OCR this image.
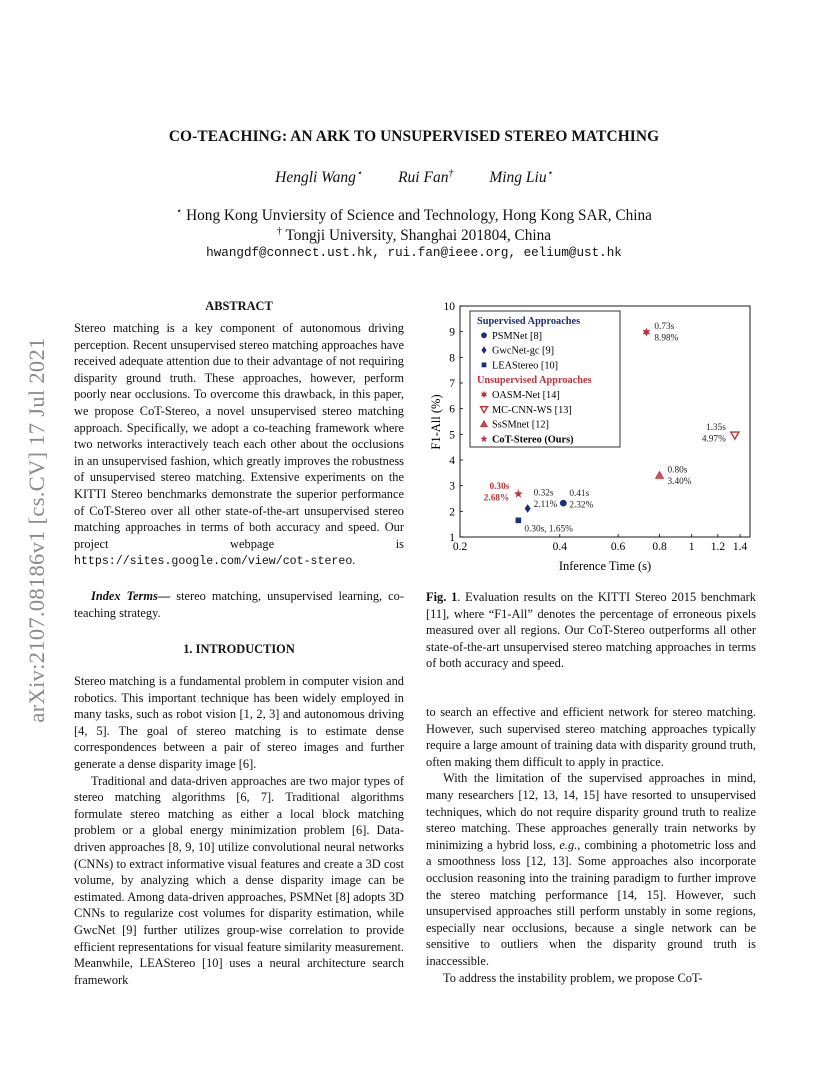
arXiv:2107.08186v1 [cs.CV] 17 Jul 2021
CO-TEACHING: AN ARK TO UNSUPERVISED STEREO MATCHING
Hengli Wang⋆ Rui Fan† Ming Liu⋆
⋆ Hong Kong Unviersity of Science and Technology, Hong Kong SAR, China
† Tongji University, Shanghai 201804, China
hwangdf@connect.ust.hk, rui.fan@ieee.org, eelium@ust.hk
ABSTRACT

Stereo matching is a key component of autonomous driving perception. Recent unsupervised stereo matching approaches have received adequate attention due to their advantage of not requiring disparity ground truth. These approaches, however, perform poorly near occlusions. To overcome this drawback, in this paper, we propose CoT-Stereo, a novel unsupervised stereo matching approach. Specifically, we adopt a co-teaching framework where two networks interactively teach each other about the occlusions in an unsupervised fashion, which greatly improves the robustness of unsupervised stereo matching. Extensive experiments on the KITTI Stereo benchmarks demonstrate the superior performance of CoT-Stereo over all other state-of-the-art unsupervised stereo matching approaches in terms of both accuracy and speed. Our project webpage is https://sites.google.com/view/cot-stereo.

Index Terms— stereo matching, unsupervised learning, co-teaching strategy.

1. INTRODUCTION

Stereo matching is a fundamental problem in computer vision and robotics. This important technique has been widely employed in many tasks, such as robot vision [1, 2, 3] and autonomous driving [4, 5]. The goal of stereo matching is to estimate dense correspondences between a pair of stereo images and further generate a dense disparity image [6].

Traditional and data-driven approaches are two major types of stereo matching algorithms [6, 7]. Traditional algorithms formulate stereo matching as either a local block matching problem or a global energy minimization problem [6]. Data-driven approaches [8, 9, 10] utilize convolutional neural networks (CNNs) to extract informative visual features and create a 3D cost volume, by analyzing which a dense disparity image can be estimated. Among data-driven approaches, PSMNet [8] adopts 3D CNNs to regularize cost volumes for disparity estimation, while GwcNet [9] further utilizes group-wise correlation to provide efficient representations for visual feature similarity measurement. Meanwhile, LEAStereo [10] uses a neural architecture search framework

0.2	0.4	0.6 0.8 1 1.2 1.4
1
2
3
4
5
6
7
8
9
10
0.41s
2.32%
0.32s
2.11%
0.30s, 1.65%
0.73s
8.98%
1.35s
4.97%
0.80s
3.40%
0.30s
2.68%
Supervised Approaches
PSMNet [8]
GwcNet-gc [9]
LEAStereo [10]
Unsupervised Approaches
OASM-Net [14]
MC-CNN-WS [13]
SsSMnet [12]
CoT-Stereo (Ours)
Inference Time (s)
F1-All (%)

Fig. 1. Evaluation results on the KITTI Stereo 2015 benchmark [11], where “F1-All” denotes the percentage of erroneous pixels measured over all regions. Our CoT-Stereo outperforms all other state-of-the-art unsupervised stereo matching approaches in terms of both accuracy and speed.

to search an effective and efficient network for stereo matching. However, such supervised stereo matching approaches typically require a large amount of training data with disparity ground truth, often making them difficult to apply in practice.

With the limitation of the supervised approaches in mind, many researchers [12, 13, 14, 15] have resorted to unsupervised techniques, which do not require disparity ground truth to realize stereo matching. These approaches generally train networks by minimizing a hybrid loss, e.g., combining a photometric loss and a smoothness loss [12, 13]. Some approaches also incorporate occlusion reasoning into the training paradigm to further improve the stereo matching performance [14, 15]. However, such unsupervised approaches still perform unstably in some regions, especially near occlusions, because a single network can be sensitive to outliers when the disparity ground truth is inaccessible.

To address the instability problem, we propose CoT-
